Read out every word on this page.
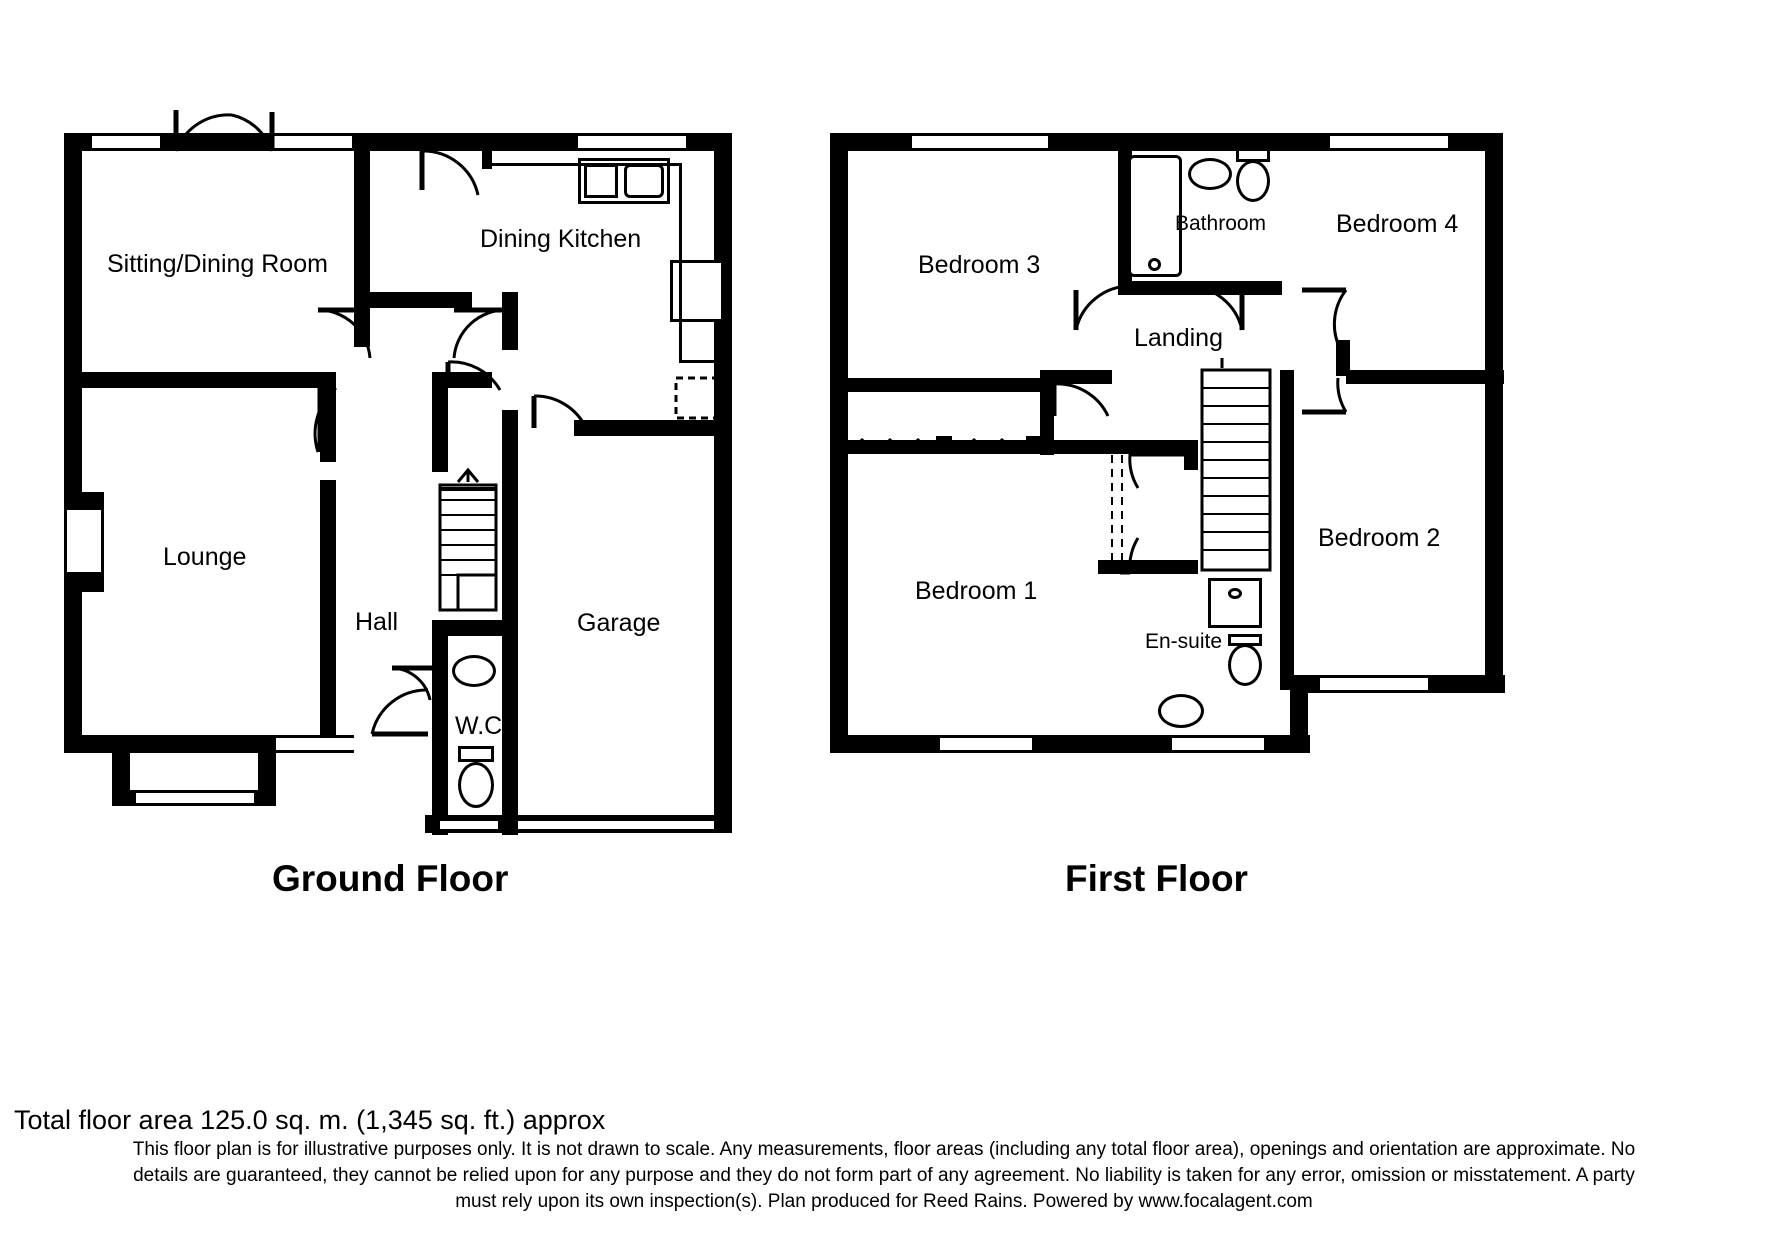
Sitting/Dining Room
Dining Kitchen
Lounge
Hall	Garage
W.C.
Ground Floor
Bedroom 3
Bathroom	Bedroom 4
Landing
Bedroom 2
Bedroom 1
En-suite
First Floor
Total floor area 125.0 sq. m. (1,345 sq. ft.) approx
This floor plan is for illustrative purposes only. It is not drawn to scale. Any measurements, floor areas (including any total floor area), openings and orientation are approximate. No
details are guaranteed, they cannot be relied upon for any purpose and they do not form part of any agreement. No liability is taken for any error, omission or misstatement. A party
must rely upon its own inspection(s). Plan produced for Reed Rains. Powered by www.focalagent.com
